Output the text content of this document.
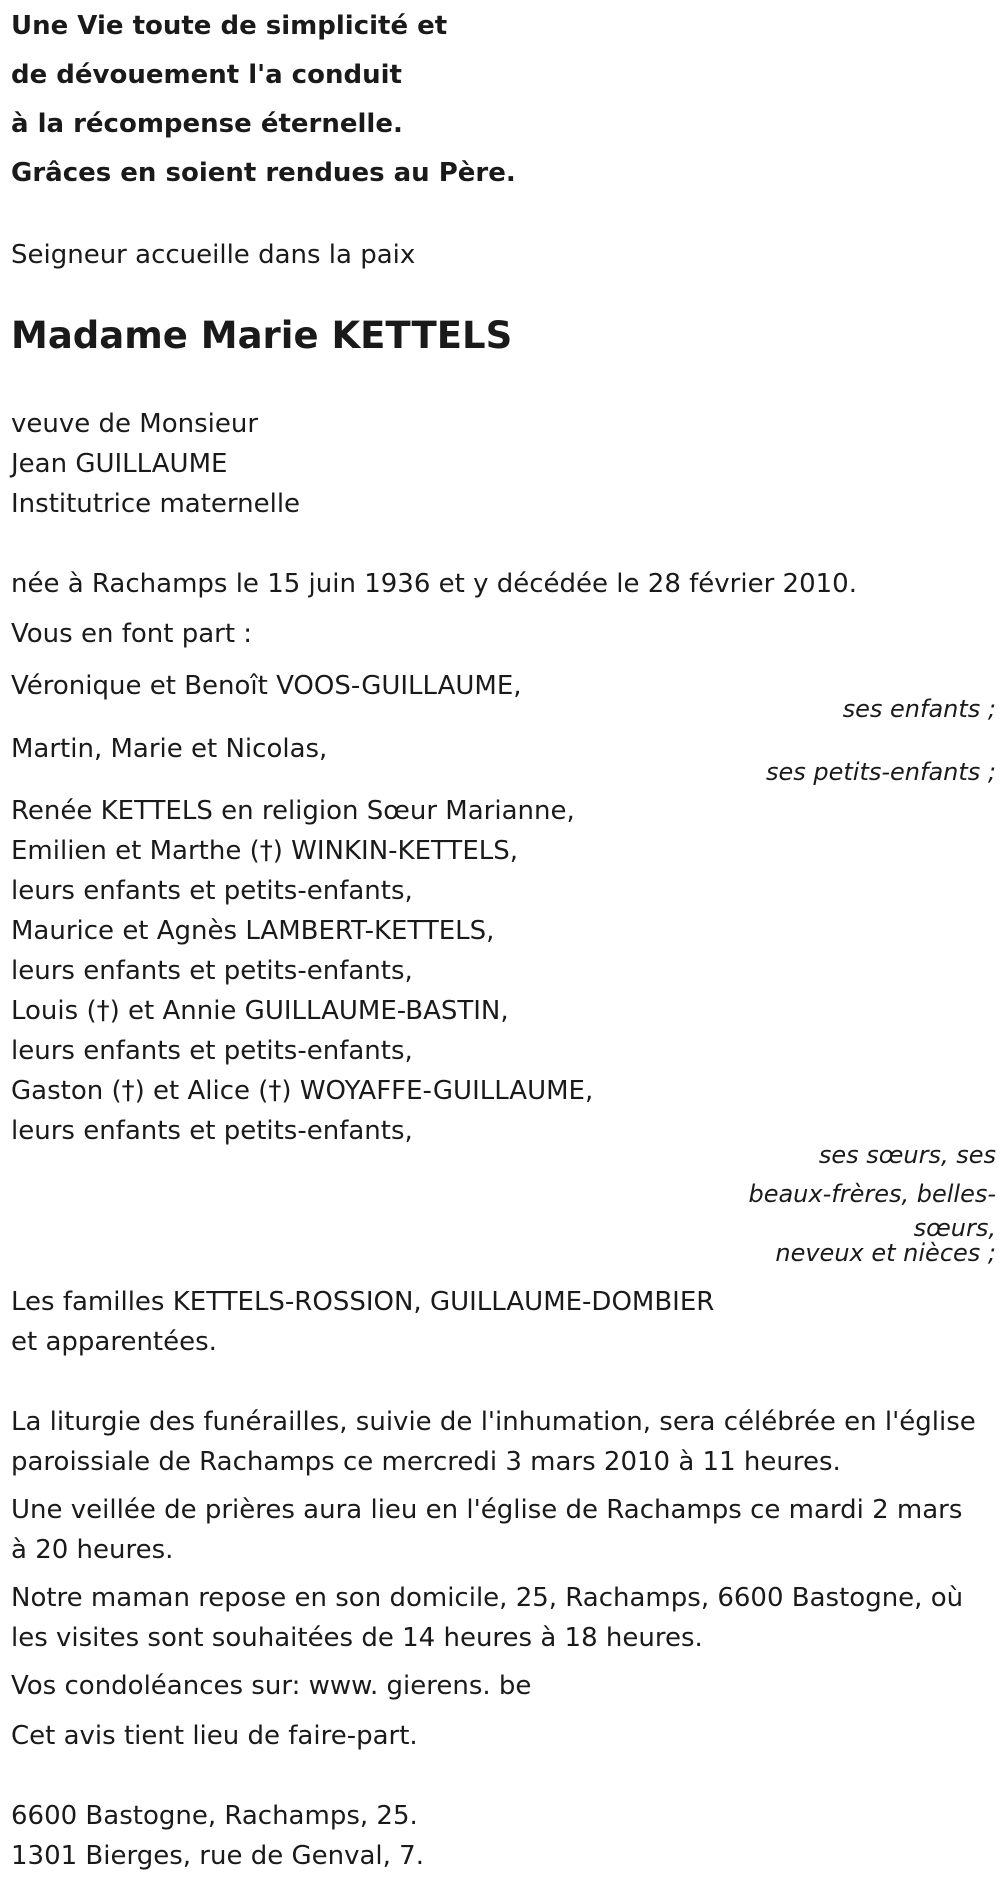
Une Vie toute de simplicité et
de dévouement l'a conduit
à la récompense éternelle.
Grâces en soient rendues au Père.
Seigneur accueille dans la paix
Madame Marie KETTELS
veuve de Monsieur
Jean GUILLAUME
Institutrice maternelle
née à Rachamps le 15 juin 1936 et y décédée le 28 février 2010.
Vous en font part :
Véronique et Benoît VOOS-GUILLAUME,
ses enfants ;
Martin, Marie et Nicolas,
ses petits-enfants ;
Renée KETTELS en religion Sœur Marianne,
Emilien et Marthe (†) WINKIN-KETTELS,
leurs enfants et petits-enfants,
Maurice et Agnès LAMBERT-KETTELS,
leurs enfants et petits-enfants,
Louis (†) et Annie GUILLAUME-BASTIN,
leurs enfants et petits-enfants,
Gaston (†) et Alice (†) WOYAFFE-GUILLAUME,
leurs enfants et petits-enfants,
ses sœurs, ses
beaux-frères, belles-
sœurs,
neveux et nièces ;
Les familles KETTELS-ROSSION, GUILLAUME-DOMBIER
et apparentées.
La liturgie des funérailles, suivie de l'inhumation, sera célébrée en l'église
paroissiale de Rachamps ce mercredi 3 mars 2010 à 11 heures.
Une veillée de prières aura lieu en l'église de Rachamps ce mardi 2 mars
à 20 heures.
Notre maman repose en son domicile, 25, Rachamps, 6600 Bastogne, où
les visites sont souhaitées de 14 heures à 18 heures.
Vos condoléances sur: www. gierens. be
Cet avis tient lieu de faire-part.
6600 Bastogne, Rachamps, 25.
1301 Bierges, rue de Genval, 7.
